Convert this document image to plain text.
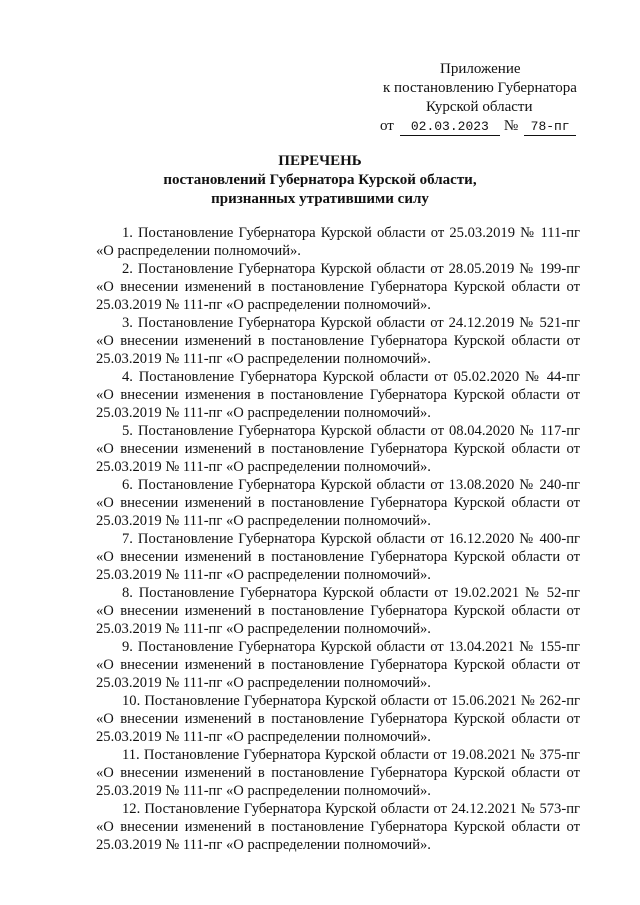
Приложение
к постановлению Губернатора
Курской области
от	02.03.2023	№ 78-пг
ПЕРЕЧЕНЬ
постановлений Губернатора Курской области,
признанных утратившими силу

1. Постановление Губернатора Курской области от 25.03.2019 № 111-пг «О распределении полномочий».

2. Постановление Губернатора Курской области от 28.05.2019 № 199-пг «О внесении изменений в постановление Губернатора Курской области от 25.03.2019 № 111-пг «О распределении полномочий».

3. Постановление Губернатора Курской области от 24.12.2019 № 521-пг «О внесении изменений в постановление Губернатора Курской области от 25.03.2019 № 111-пг «О распределении полномочий».

4. Постановление Губернатора Курской области от 05.02.2020 № 44-пг «О внесении изменения в постановление Губернатора Курской области от 25.03.2019 № 111-пг «О распределении полномочий».

5. Постановление Губернатора Курской области от 08.04.2020 № 117-пг «О внесении изменений в постановление Губернатора Курской области от 25.03.2019 № 111-пг «О распределении полномочий».

6. Постановление Губернатора Курской области от 13.08.2020 № 240-пг «О внесении изменений в постановление Губернатора Курской области от 25.03.2019 № 111-пг «О распределении полномочий».

7. Постановление Губернатора Курской области от 16.12.2020 № 400-пг «О внесении изменений в постановление Губернатора Курской области от 25.03.2019 № 111-пг «О распределении полномочий».

8. Постановление Губернатора Курской области от 19.02.2021 № 52-пг «О внесении изменений в постановление Губернатора Курской области от 25.03.2019 № 111-пг «О распределении полномочий».

9. Постановление Губернатора Курской области от 13.04.2021 № 155-пг «О внесении изменений в постановление Губернатора Курской области от 25.03.2019 № 111-пг «О распределении полномочий».

10. Постановление Губернатора Курской области от 15.06.2021 № 262-пг «О внесении изменений в постановление Губернатора Курской области от 25.03.2019 № 111-пг «О распределении полномочий».

11. Постановление Губернатора Курской области от 19.08.2021 № 375-пг «О внесении изменений в постановление Губернатора Курской области от 25.03.2019 № 111-пг «О распределении полномочий».

12. Постановление Губернатора Курской области от 24.12.2021 № 573-пг «О внесении изменений в постановление Губернатора Курской области от 25.03.2019 № 111-пг «О распределении полномочий».
